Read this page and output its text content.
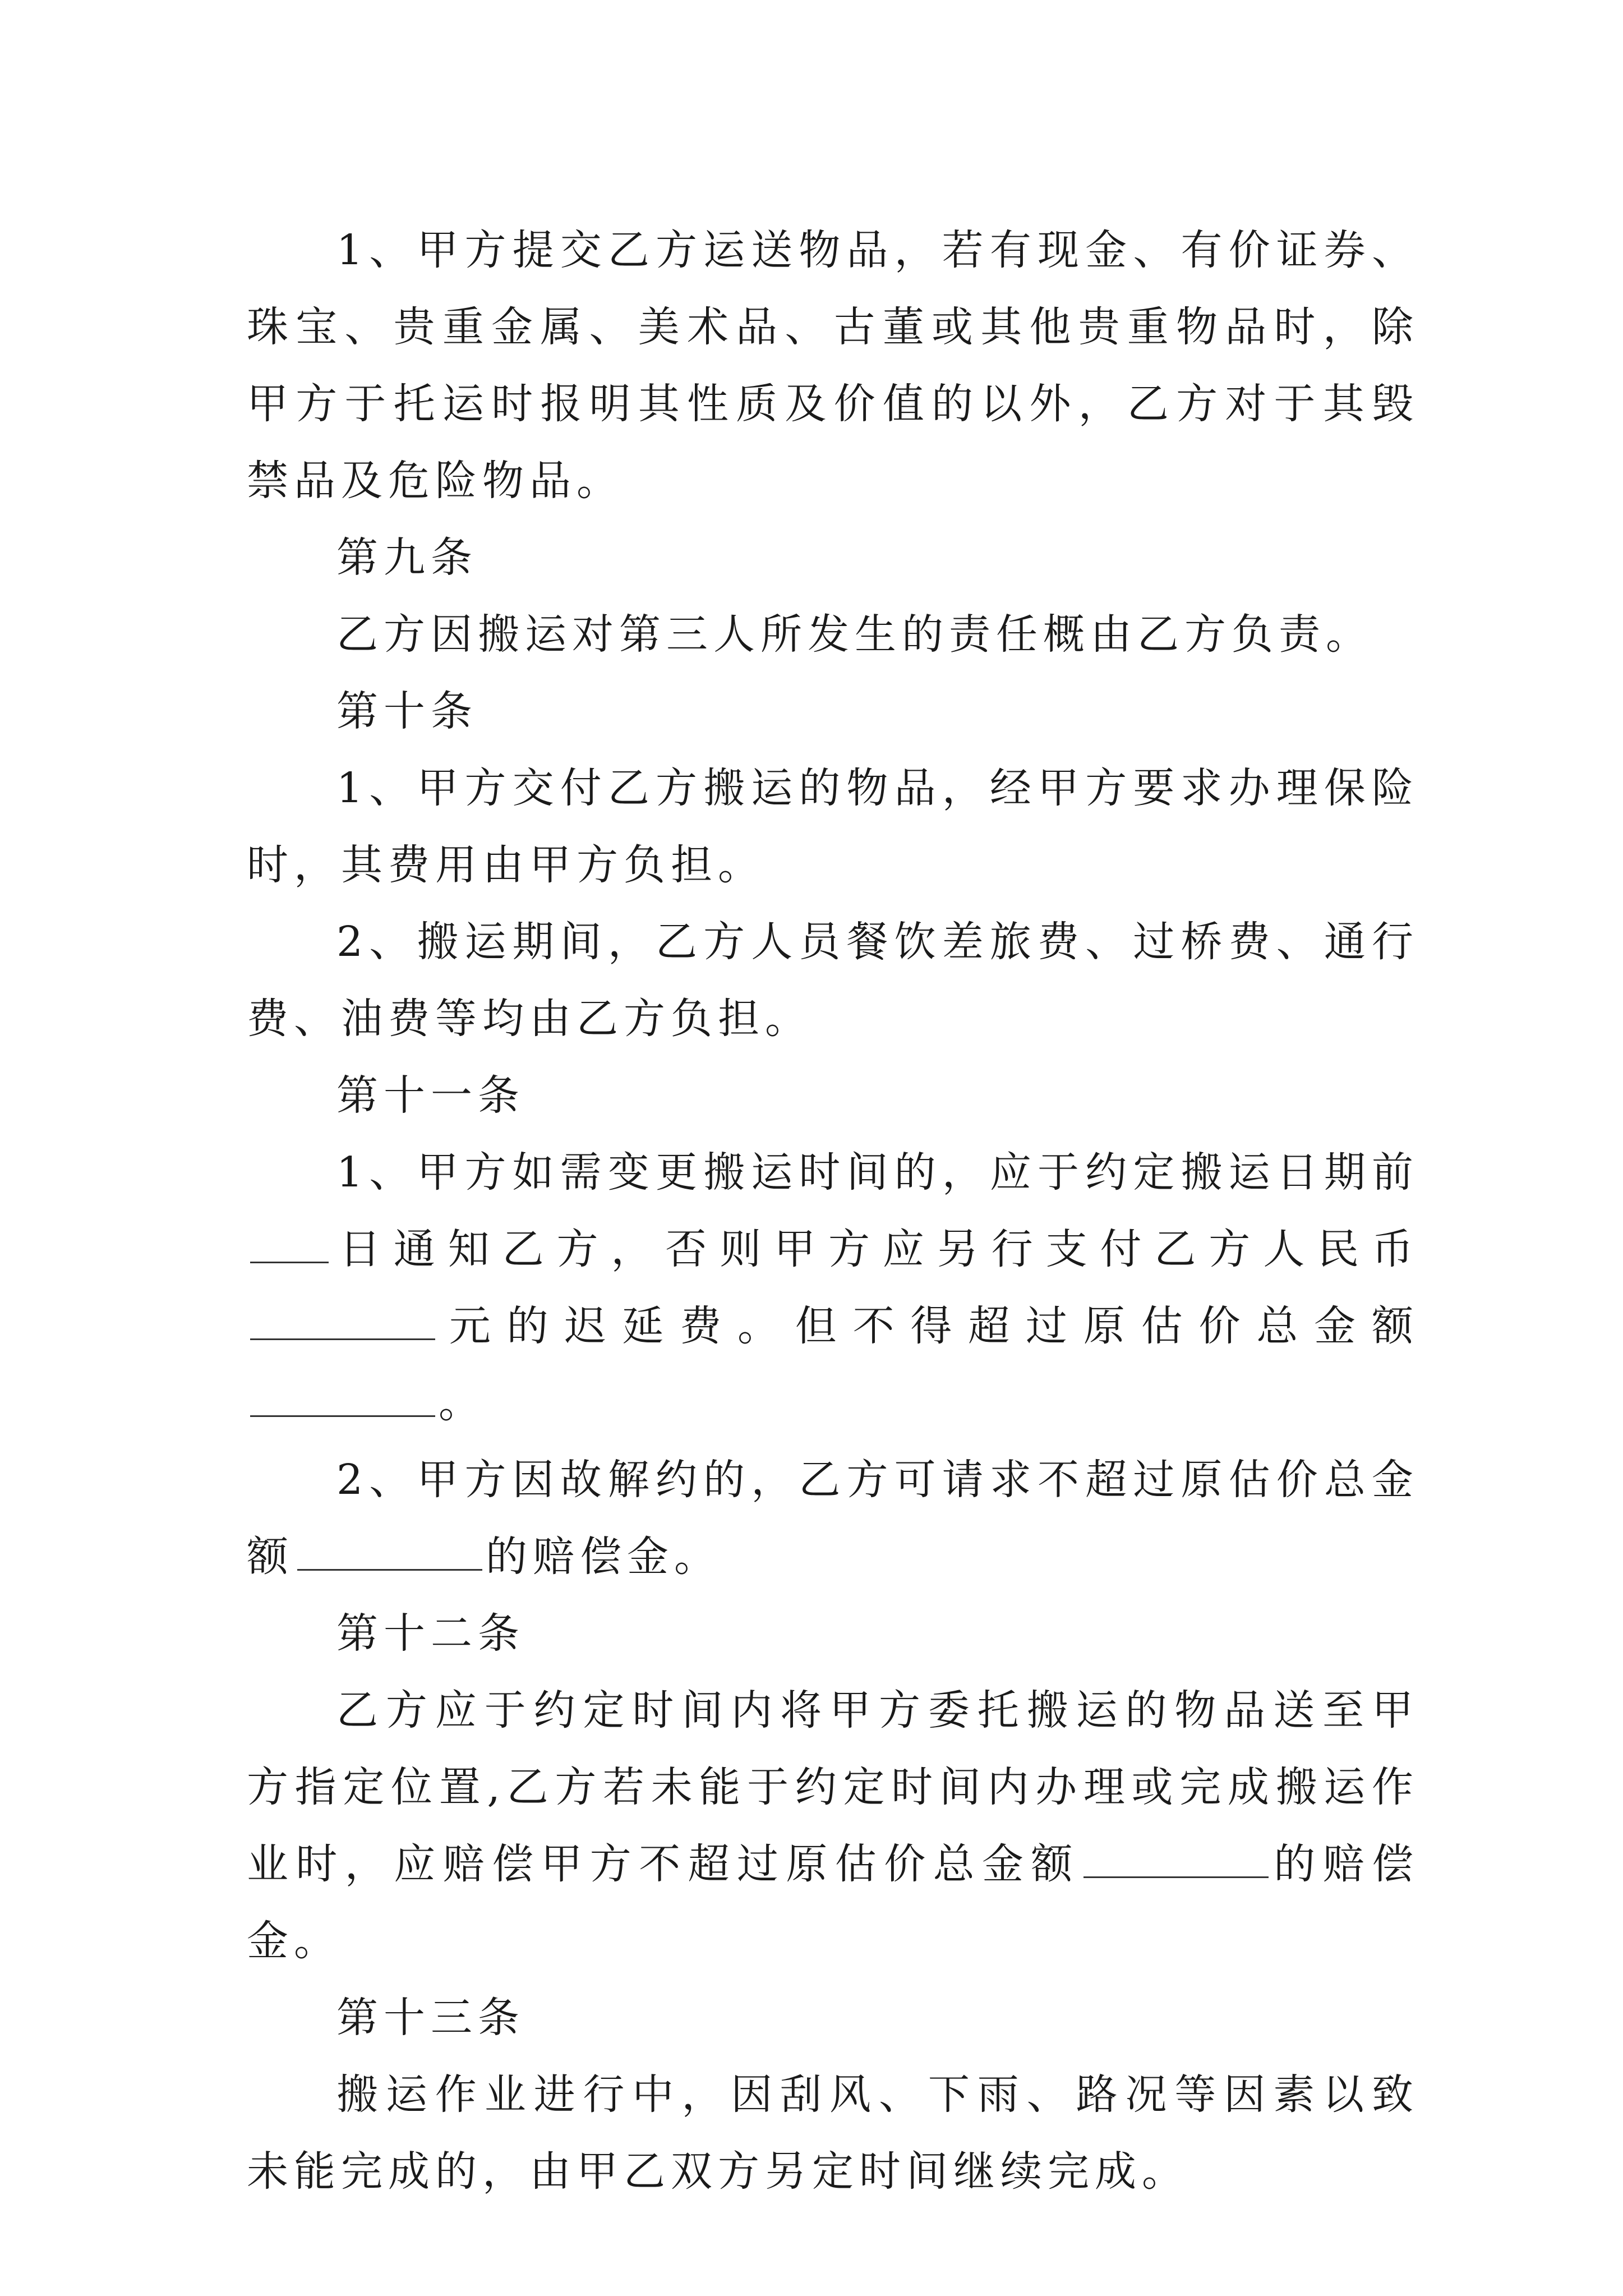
1、甲方提交乙方运送物品，若有现金、有价证券、珠宝、贵重金属、美术品、古董或其他贵重物品时，除甲方于托运时报明其性质及价值的以外，乙方对于其毁禁品及危险物品。

第九条

乙方因搬运对第三人所发生的责任概由乙方负责。

第十条

1、甲方交付乙方搬运的物品，经甲方要求办理保险时，其费用由甲方负担。

2、搬运期间，乙方人员餐饮差旅费、过桥费、通行费、油费等均由乙方负担。

第十一条

1、甲方如需变更搬运时间的，应于约定搬运日期前日通知乙方，否则甲方应另行支付乙方人民币元的迟延费。但不得超过原估价总金额。

2、甲方因故解约的，乙方可请求不超过原估价总金额	的赔偿金。

第十二条

乙方应于约定时间内将甲方委托搬运的物品送至甲方指定位置,乙方若未能于约定时间内办理或完成搬运作业时，应赔偿甲方不超过原估价总金额	的赔偿金。

第十三条

搬运作业进行中，因刮风、下雨、路况等因素以致未能完成的，由甲乙双方另定时间继续完成。
